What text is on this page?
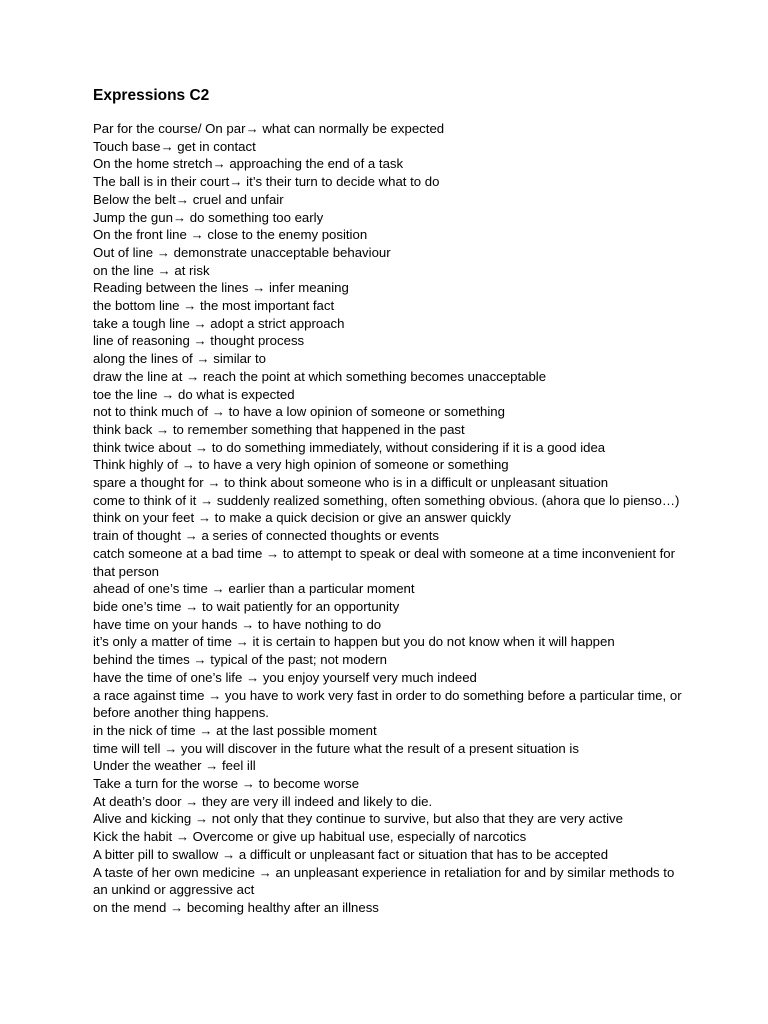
Expressions C2
Par for the course/ On par→ what can normally be expected
Touch base→ get in contact
On the home stretch→ approaching the end of a task
The ball is in their court→ it’s their turn to decide what to do
Below the belt→ cruel and unfair
Jump the gun→ do something too early
On the front line → close to the enemy position
Out of line → demonstrate unacceptable behaviour
on the line → at risk
Reading between the lines → infer meaning
the bottom line → the most important fact
take a tough line → adopt a strict approach
line of reasoning → thought process
along the lines of → similar to
draw the line at → reach the point at which something becomes unacceptable
toe the line → do what is expected
not to think much of → to have a low opinion of someone or something
think back → to remember something that happened in the past
think twice about → to do something immediately, without considering if it is a good idea
Think highly of → to have a very high opinion of someone or something
spare a thought for → to think about someone who is in a difficult or unpleasant situation
come to think of it → suddenly realized something, often something obvious. (ahora que lo pienso…)
think on your feet → to make a quick decision or give an answer quickly
train of thought → a series of connected thoughts or events
catch someone at a bad time → to attempt to speak or deal with someone at a time inconvenient for that person
ahead of one’s time → earlier than a particular moment
bide one’s time → to wait patiently for an opportunity
have time on your hands → to have nothing to do
it’s only a matter of time → it is certain to happen but you do not know when it will happen
behind the times → typical of the past; not modern
have the time of one’s life → you enjoy yourself very much indeed
a race against time → you have to work very fast in order to do something before a particular time, or before another thing happens.
in the nick of time → at the last possible moment
time will tell → you will discover in the future what the result of a present situation is
Under the weather → feel ill
Take a turn for the worse → to become worse
At death’s door → they are very ill indeed and likely to die.
Alive and kicking → not only that they continue to survive, but also that they are very active
Kick the habit → Overcome or give up habitual use, especially of narcotics
A bitter pill to swallow → a difficult or unpleasant fact or situation that has to be accepted
A taste of her own medicine → an unpleasant experience in retaliation for and by similar methods to an unkind or aggressive act
on the mend → becoming healthy after an illness
